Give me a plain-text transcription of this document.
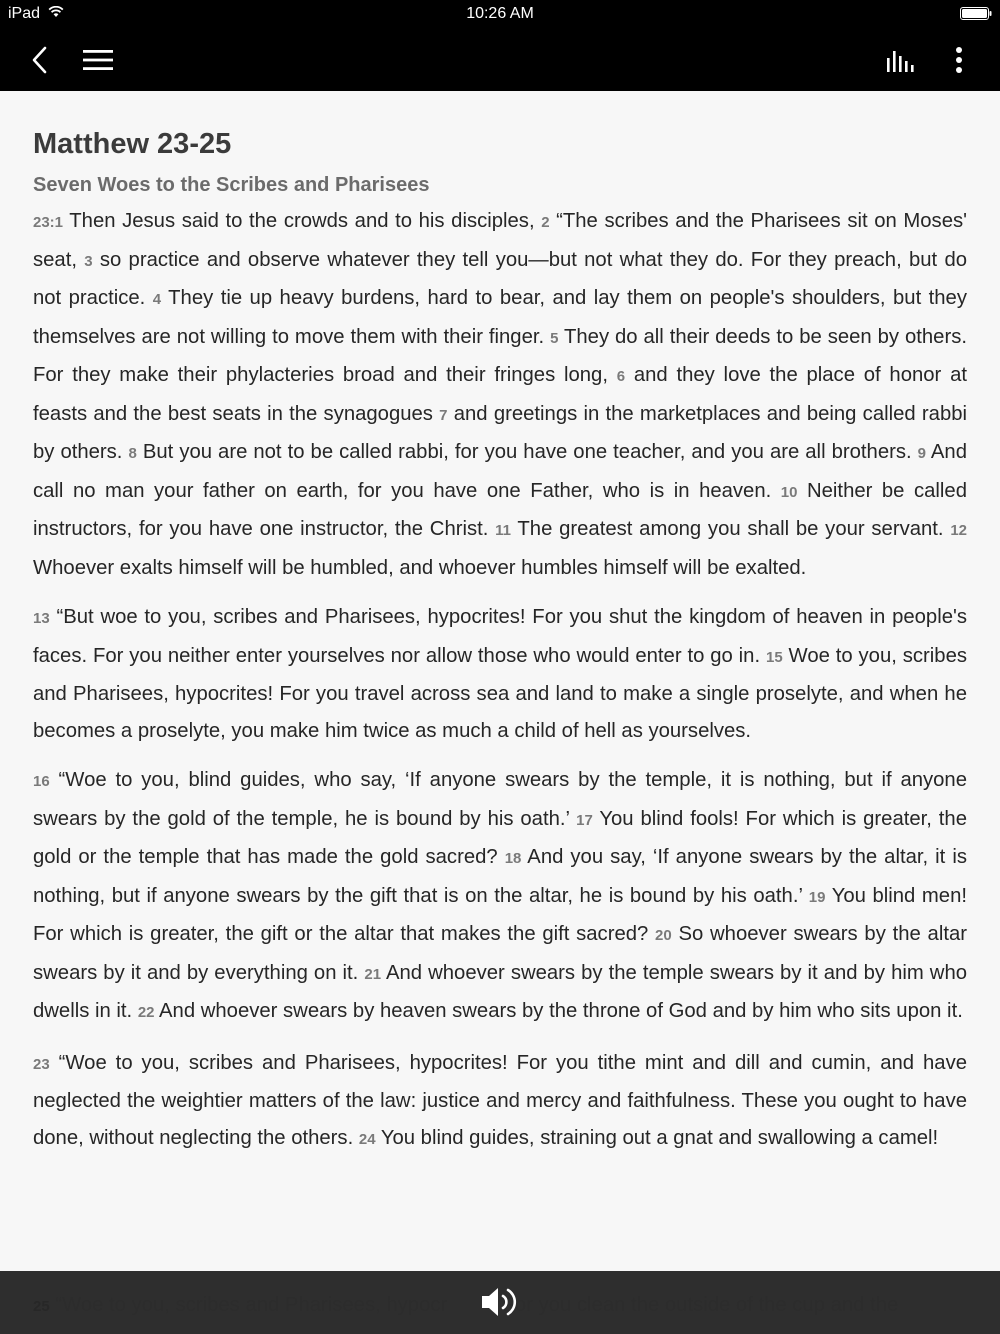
iPad	10:26 AM
Matthew 23-25
Seven Woes to the Scribes and Pharisees

23:1 Then Jesus said to the crowds and to his disciples, 2 “The scribes and the Pharisees sit on Moses' seat, 3 so practice and observe whatever they tell you—but not what they do. For they preach, but do not practice. 4 They tie up heavy burdens, hard to bear, and lay them on people's shoulders, but they themselves are not willing to move them with their finger. 5 They do all their deeds to be seen by others. For they make their phylacteries broad and their fringes long, 6 and they love the place of honor at feasts and the best seats in the synagogues 7 and greetings in the marketplaces and being called rabbi by others. 8 But you are not to be called rabbi, for you have one teacher, and you are all brothers. 9 And call no man your father on earth, for you have one Father, who is in heaven. 10 Neither be called instructors, for you have one instructor, the Christ. 11 The greatest among you shall be your servant. 12 Whoever exalts himself will be humbled, and whoever humbles himself will be exalted.

13 “But woe to you, scribes and Pharisees, hypocrites! For you shut the kingdom of heaven in people's faces. For you neither enter yourselves nor allow those who would enter to go in. 15 Woe to you, scribes and Pharisees, hypocrites! For you travel across sea and land to make a single proselyte, and when he becomes a proselyte, you make him twice as much a child of hell as yourselves.

16 “Woe to you, blind guides, who say, ‘If anyone swears by the temple, it is nothing, but if anyone swears by the gold of the temple, he is bound by his oath.’ 17 You blind fools! For which is greater, the gold or the temple that has made the gold sacred? 18 And you say, ‘If anyone swears by the altar, it is nothing, but if anyone swears by the gift that is on the altar, he is bound by his oath.’ 19 You blind men! For which is greater, the gift or the altar that makes the gift sacred? 20 So whoever swears by the altar swears by it and by everything on it. 21 And whoever swears by the temple swears by it and by him who dwells in it. 22 And whoever swears by heaven swears by the throne of God and by him who sits upon it.

23 “Woe to you, scribes and Pharisees, hypocrites! For you tithe mint and dill and cumin, and have neglected the weightier matters of the law: justice and mercy and faithfulness. These you ought to have done, without neglecting the others. 24 You blind guides, straining out a gnat and swallowing a camel!
